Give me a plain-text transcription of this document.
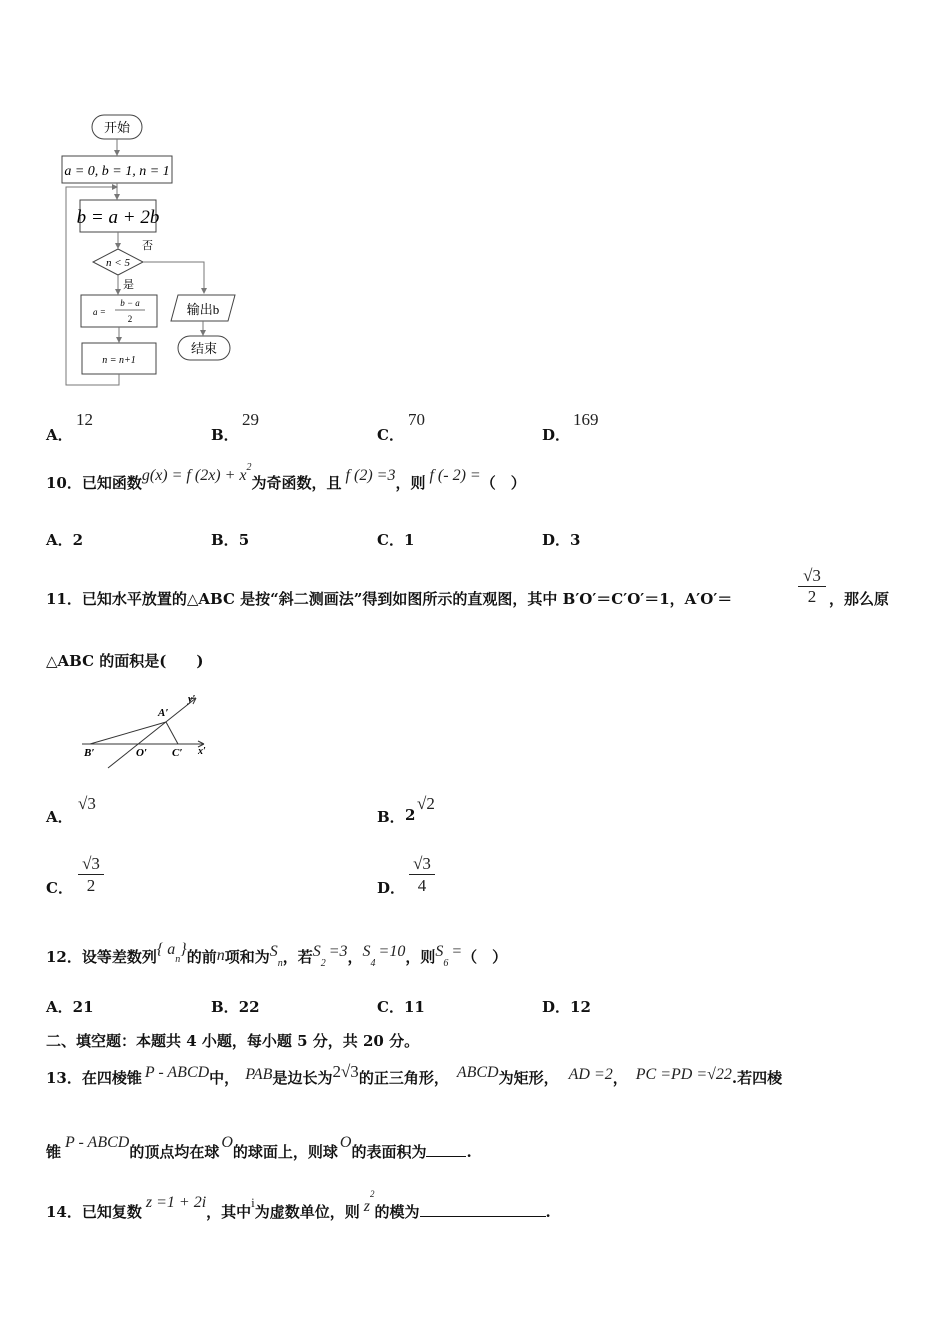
开始
a = 0, b = 1, n = 1
b = a + 2b
否
n < 5
是
a =
b − a
2
n = n+1
输出b
结束
A．
12
B．
29
C．
70
D．
169
10．已知函数g(x) = f $(2x) + x^2$为奇函数，且 f (2) =3，则 f (- 2) =（　）
A．2	B．5	C．1	D．3
11．已知水平放置的△ABC 是按“斜二测画法”得到如图所示的直观图，其中 B′O′＝C′O′＝1，A′O′＝	$\frac{√3}{2}$ ，那么原
△ABC 的面积是(　　)
A′
y′
B′	O′ C′ x′
A．
√3
B． 2
√2
C． $\frac{√3}{2}$	D． $\frac{√3}{4}$
12．设等差数列{ $a_n$}的前n项和为$S_n$，若$S_2=3$，$S_4=10$，则$S_6=$（　）
A．21	B．22	C．11	D．12
二、填空题：本题共 4 小题，每小题 5 分，共 20 分。
13．在四棱锥 P - ABCD中， PAB是边长为2√3的正三角形， ABCD为矩形， AD =2， PC =PD =√22.若四棱
锥P - ABCD的顶点均在球O的球面上，则球O的表面积为	.
14．已知复数z =1 + 2i，其中$^i$为虚数单位，则 $z^2$的模为	.
